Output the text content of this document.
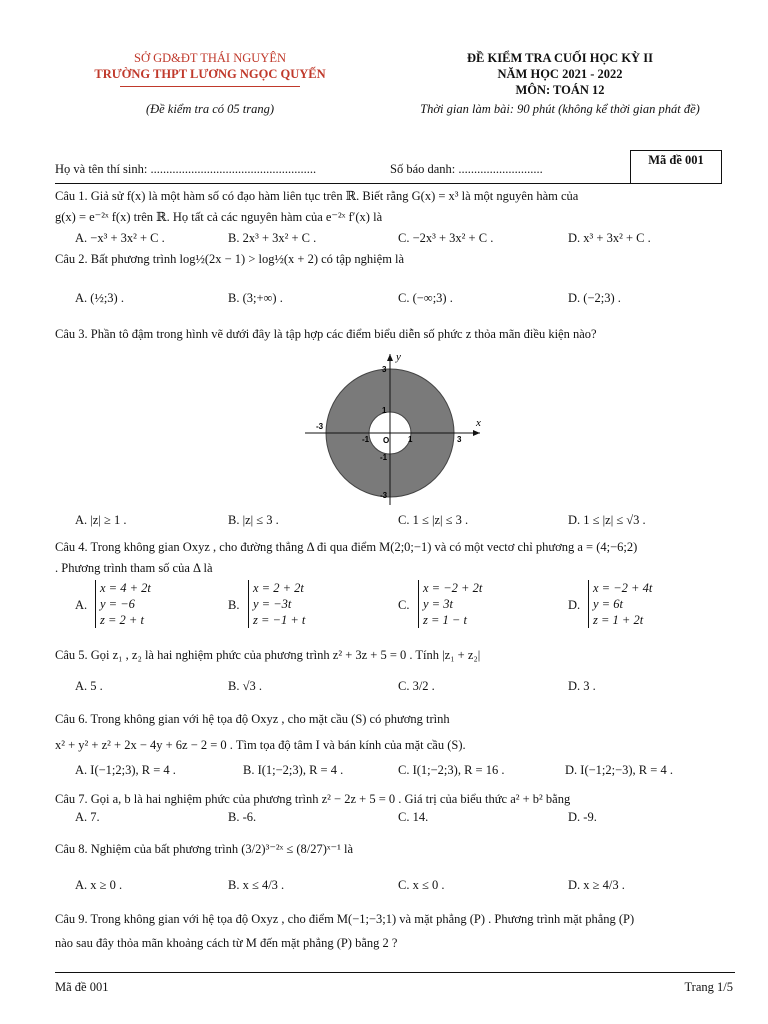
SỞ GD&ĐT THÁI NGUYÊN
TRƯỜNG THPT LƯƠNG NGỌC QUYẾN
ĐỀ KIỂM TRA CUỐI HỌC KỲ II
NĂM HỌC 2021 - 2022
MÔN: TOÁN 12
(Đề kiểm tra có 05 trang)	Thời gian làm bài: 90 phút (không kể thời gian phát đề)
Họ và tên thí sinh: .....................................................	Số báo danh: ...........................
Mã đề 001
Câu 1. Giả sử f(x) là một hàm số có đạo hàm liên tục trên ℝ. Biết rằng G(x) = x³ là một nguyên hàm của
g(x) = e⁻²ˣ f(x) trên ℝ. Họ tất cả các nguyên hàm của e⁻²ˣ f′(x) là
A. −x³ + 3x² + C .	B. 2x³ + 3x² + C .	C. −2x³ + 3x² + C .	D. x³ + 3x² + C .
Câu 2. Bất phương trình log½(2x − 1) > log½(x + 2) có tập nghiệm là
A. (½;3) .	B. (3;+∞) .	C. (−∞;3) .	D. (−2;3) .
Câu 3. Phần tô đậm trong hình vẽ dưới đây là tập hợp các điểm biểu diễn số phức z thỏa mãn điều kiện nào?
x
y
O
-3
-1	1	3
3
1
-1
-3
A. |z| ≥ 1 .	B. |z| ≤ 3 .	C. 1 ≤ |z| ≤ 3 .	D. 1 ≤ |z| ≤ √3 .
Câu 4. Trong không gian Oxyz , cho đường thẳng Δ đi qua điểm M(2;0;−1) và có một vectơ chỉ phương a = (4;−6;2)
. Phương trình tham số của Δ là
A.
x = 4 + 2t
y = −6
z = 2 + t
B.
x = 2 + 2t
y = −3t
z = −1 + t
C.
x = −2 + 2t
y = 3t
z = 1 − t
D.
x = −2 + 4t
y = 6t
z = 1 + 2t
Câu 5. Gọi z₁ , z₂ là hai nghiệm phức của phương trình z² + 3z + 5 = 0 . Tính |z₁ + z₂|
A. 5 .	B. √3 .	C. 3/2 .	D. 3 .
Câu 6. Trong không gian với hệ tọa độ Oxyz , cho mặt cầu (S) có phương trình
x² + y² + z² + 2x − 4y + 6z − 2 = 0 . Tìm tọa độ tâm I và bán kính của mặt cầu (S).
A. I(−1;2;3), R = 4 .	B. I(1;−2;3), R = 4 .	C. I(1;−2;3), R = 16 .	D. I(−1;2;−3), R = 4 .
Câu 7. Gọi a, b là hai nghiệm phức của phương trình z² − 2z + 5 = 0 . Giá trị của biểu thức a² + b² bằng
A. 7.	B. -6.	C. 14.	D. -9.
Câu 8. Nghiệm của bất phương trình (3/2)³⁻²ˣ ≤ (8/27)ˣ⁻¹ là
A. x ≥ 0 .	B. x ≤ 4/3 .	C. x ≤ 0 .	D. x ≥ 4/3 .
Câu 9. Trong không gian với hệ tọa độ Oxyz , cho điểm M(−1;−3;1) và mặt phẳng (P) . Phương trình mặt phẳng (P)
nào sau đây thỏa mãn khoảng cách từ M đến mặt phẳng (P) bằng 2 ?
Mã đề 001	Trang 1/5
